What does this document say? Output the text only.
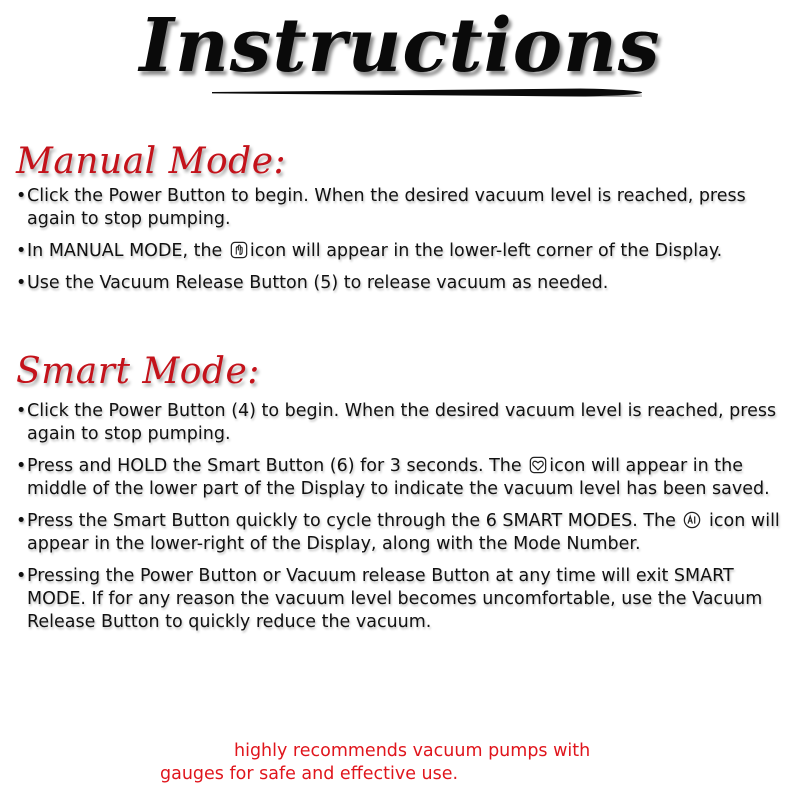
Instructions
Manual Mode:
• Click the Power Button to begin. When the desired vacuum level is reached, press again to stop pumping.
• In MANUAL MODE, the icon will appear in the lower-left corner of the Display.
• Use the Vacuum Release Button (5) to release vacuum as needed.
Smart Mode:
• Click the Power Button (4) to begin. When the desired vacuum level is reached, press again to stop pumping.
• Press and HOLD the Smart Button (6) for 3 seconds. The icon will appear in the middle of the lower part of the Display to indicate the vacuum level has been saved.
• Press the Smart Button quickly to cycle through the 6 SMART MODES. The  icon will appear in the lower-right of the Display, along with the Mode Number.
• Pressing the Power Button or Vacuum release Button at any time will exit SMART MODE. If for any reason the vacuum level becomes uncomfortable, use the Vacuum Release Button to quickly reduce the vacuum.
highly recommends vacuum pumps with
gauges for safe and effective use.
